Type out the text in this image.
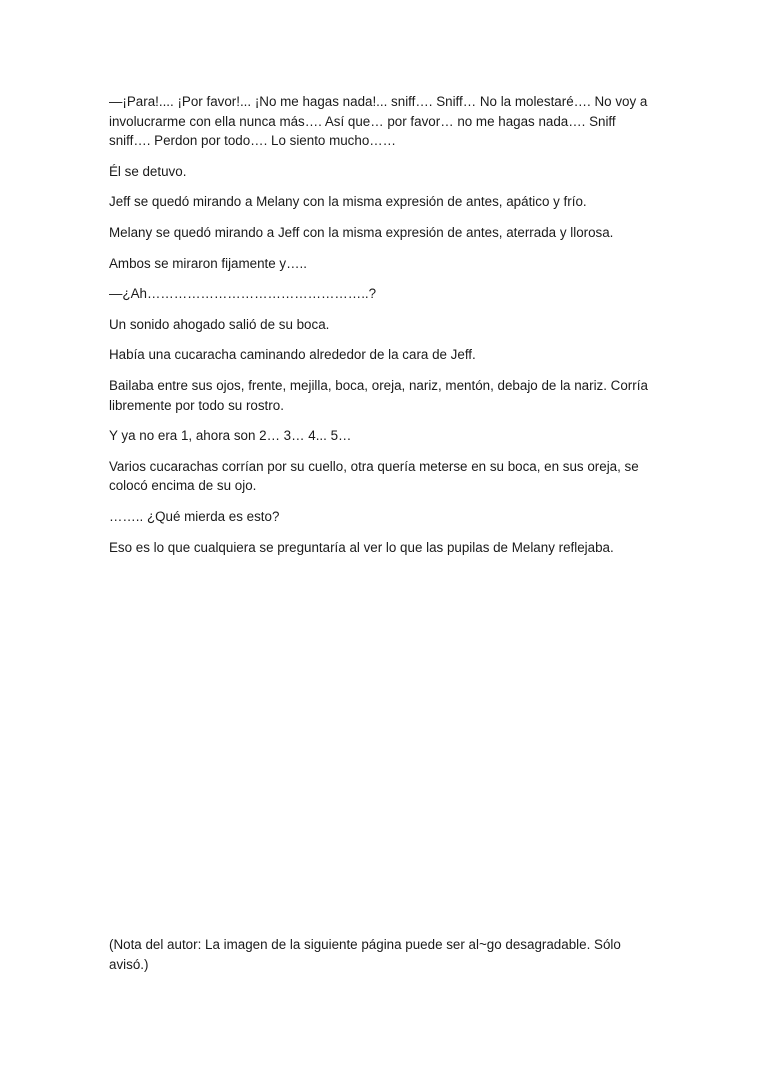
—¡Para!.... ¡Por favor!... ¡No me hagas nada!... sniff…. Sniff… No la molestaré…. No voy a involucrarme con ella nunca más…. Así que… por favor… no me hagas nada…. Sniff sniff…. Perdon por todo…. Lo siento mucho……

Él se detuvo.

Jeff se quedó mirando a Melany con la misma expresión de antes, apático y frío.

Melany se quedó mirando a Jeff con la misma expresión de antes, aterrada y llorosa.

Ambos se miraron fijamente y…..

—¿Ah…………………………………………..?

Un sonido ahogado salió de su boca.

Había una cucaracha caminando alrededor de la cara de Jeff.

Bailaba entre sus ojos, frente, mejilla, boca, oreja, nariz, mentón, debajo de la nariz. Corría libremente por todo su rostro.

Y ya no era 1, ahora son 2… 3… 4... 5…

Varios cucarachas corrían por su cuello, otra quería meterse en su boca, en sus oreja, se colocó encima de su ojo.

…….. ¿Qué mierda es esto?

Eso es lo que cualquiera se preguntaría al ver lo que las pupilas de Melany reflejaba.

(Nota del autor: La imagen de la siguiente página puede ser al~go desagradable. Sólo avisó.)
